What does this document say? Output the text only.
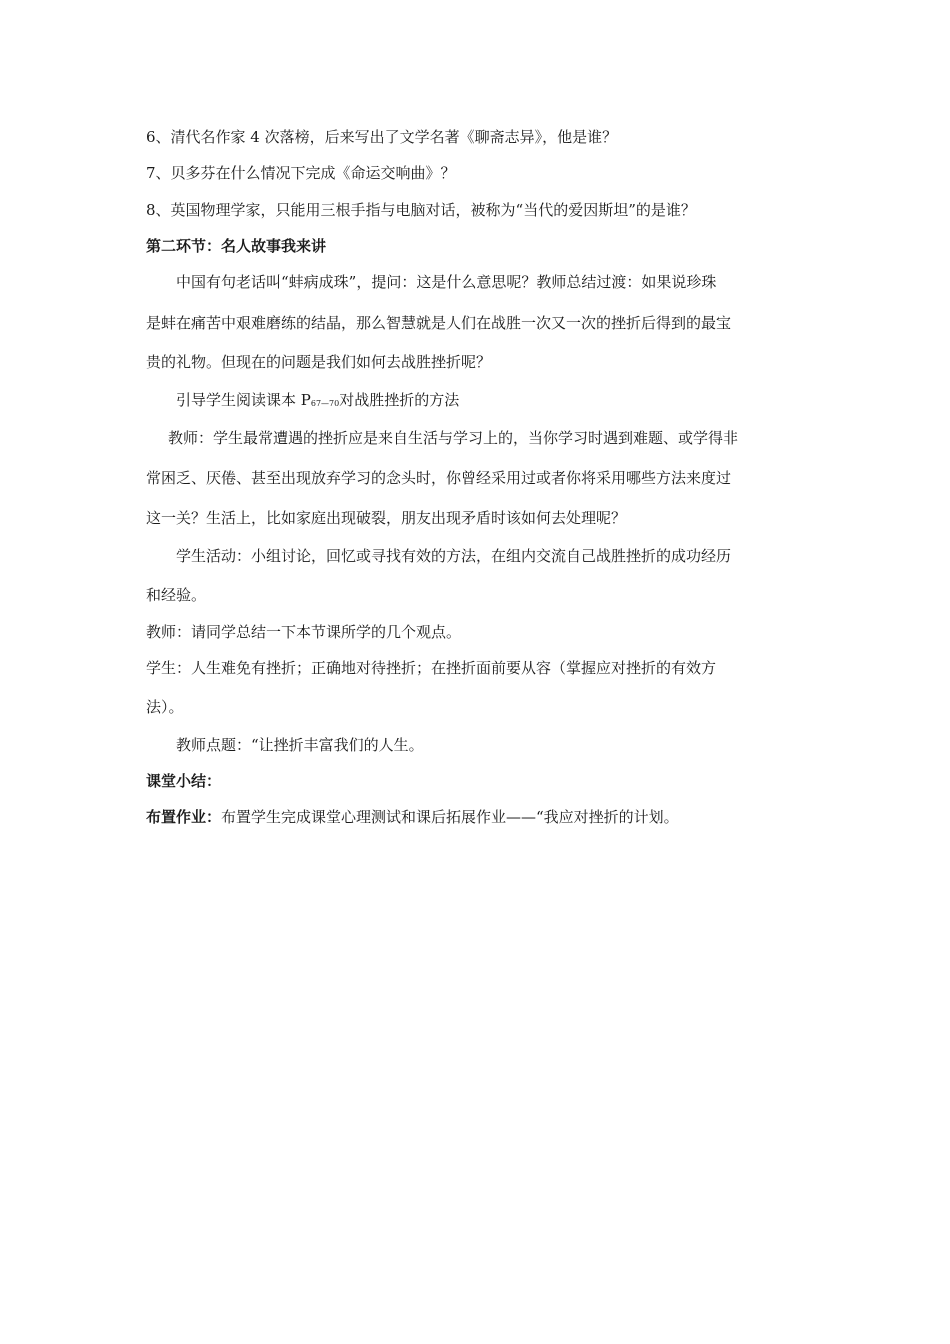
6、清代名作家 4 次落榜，后来写出了文学名著《聊斋志异》，他是谁？
7、贝多芬在什么情况下完成《命运交响曲》？
8、英国物理学家，只能用三根手指与电脑对话，被称为“当代的爱因斯坦”的是谁？
第二环节：名人故事我来讲
中国有句老话叫“蚌病成珠”，提问：这是什么意思呢？教师总结过渡：如果说珍珠
是蚌在痛苦中艰难磨练的结晶，那么智慧就是人们在战胜一次又一次的挫折后得到的最宝
贵的礼物。但现在的问题是我们如何去战胜挫折呢？
引导学生阅读课本 P67—70对战胜挫折的方法
教师：学生最常遭遇的挫折应是来自生活与学习上的，当你学习时遇到难题、或学得非
常困乏、厌倦、甚至出现放弃学习的念头时，你曾经采用过或者你将采用哪些方法来度过
这一关？生活上，比如家庭出现破裂，朋友出现矛盾时该如何去处理呢？
学生活动：小组讨论，回忆或寻找有效的方法，在组内交流自己战胜挫折的成功经历
和经验。
教师：请同学总结一下本节课所学的几个观点。
学生：人生难免有挫折；正确地对待挫折；在挫折面前要从容（掌握应对挫折的有效方
法）。
教师点题：“让挫折丰富我们的人生。
课堂小结：
布置作业：布置学生完成课堂心理测试和课后拓展作业——“我应对挫折的计划。
